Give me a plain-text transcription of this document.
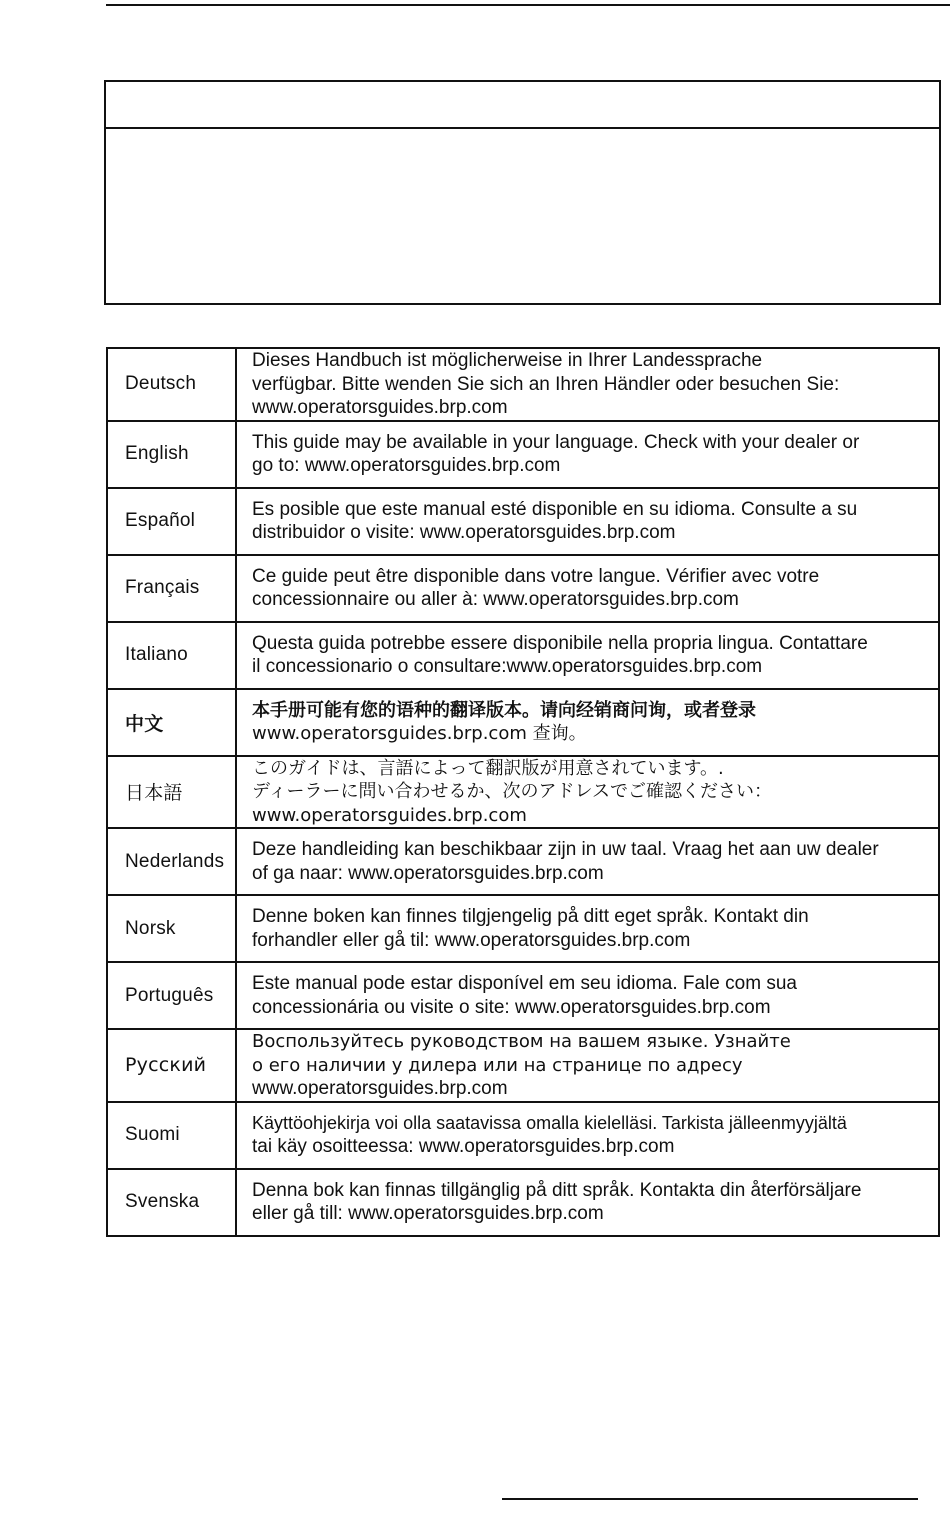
Deutsch	Dieses Handbuch ist möglicherweise in Ihrer Landessprache
verfügbar. Bitte wenden Sie sich an Ihren Händler oder besuchen Sie:
www.operatorsguides.brp.com

English	This guide may be available in your language. Check with your dealer or
go to: www.operatorsguides.brp.com

Español	Es posible que este manual esté disponible en su idioma. Consulte a su
distribuidor o visite: www.operatorsguides.brp.com

Français	Ce guide peut être disponible dans votre langue. Vérifier avec votre
concessionnaire ou aller à: www.operatorsguides.brp.com

Italiano	Questa guida potrebbe essere disponibile nella propria lingua. Contattare
il concessionario o consultare:www.operatorsguides.brp.com

中文	本手册可能有您的语种的翻译版本。请向经销商问询，或者登录
www.operatorsguides.brp.com 查询。

日本語	このガイドは、言語によって翻訳版が用意されています。.
ディーラーに問い合わせるか、次のアドレスでご確認ください：
www.operatorsguides.brp.com

Nederlands	Deze handleiding kan beschikbaar zijn in uw taal. Vraag het aan uw dealer
of ga naar: www.operatorsguides.brp.com

Norsk	Denne boken kan finnes tilgjengelig på ditt eget språk. Kontakt din
forhandler eller gå til: www.operatorsguides.brp.com

Português	Este manual pode estar disponível em seu idioma. Fale com sua
concessionária ou visite o site: www.operatorsguides.brp.com

Русский	Воспользуйтесь руководством на вашем языке. Узнайте
о его наличии у дилера или на странице по адресу
www.operatorsguides.brp.com

Suomi	Käyttöohjekirja voi olla saatavissa omalla kielelläsi. Tarkista jälleenmyyjältä
tai käy osoitteessa: www.operatorsguides.brp.com

Svenska	Denna bok kan finnas tillgänglig på ditt språk. Kontakta din återförsäljare
eller gå till: www.operatorsguides.brp.com
